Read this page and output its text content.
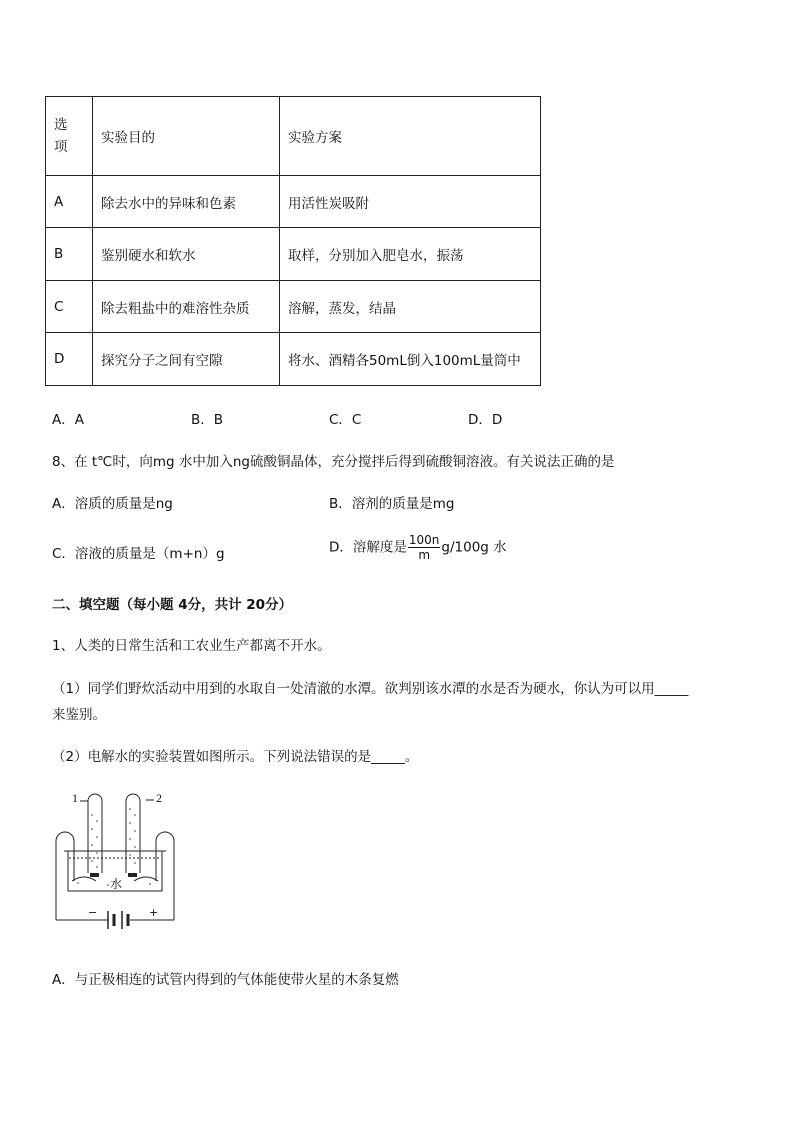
选
项	实验目的	实验方案
A	除去水中的异味和色素	用活性炭吸附
B	鉴别硬水和软水	取样，分别加入肥皂水，振荡
C	除去粗盐中的难溶性杂质	溶解，蒸发，结晶
D	探究分子之间有空隙	将水、酒精各50mL倒入100mL量筒中
A．A	B．B	C．C	D．D
8、在 t℃时，向mg 水中加入ng硫酸铜晶体，充分搅拌后得到硫酸铜溶液。有关说法正确的是
A．溶质的质量是ng	B．溶剂的质量是mg
C．溶液的质量是（m+n）g	D．溶解度是 $\frac{100n}{m} g/100g$ 水
二、填空题（每小题 4分，共计 20分）
1、人类的日常生活和工农业生产都离不开水。
（1）同学们野炊活动中用到的水取自一处清澈的水潭。欲判别该水潭的水是否为硬水，你认为可以用_____
来鉴别。
（2）电解水的实验装置如图所示。下列说法错误的是_____。
1	2
水
−	+
A．与正极相连的试管内得到的气体能使带火星的木条复燃
